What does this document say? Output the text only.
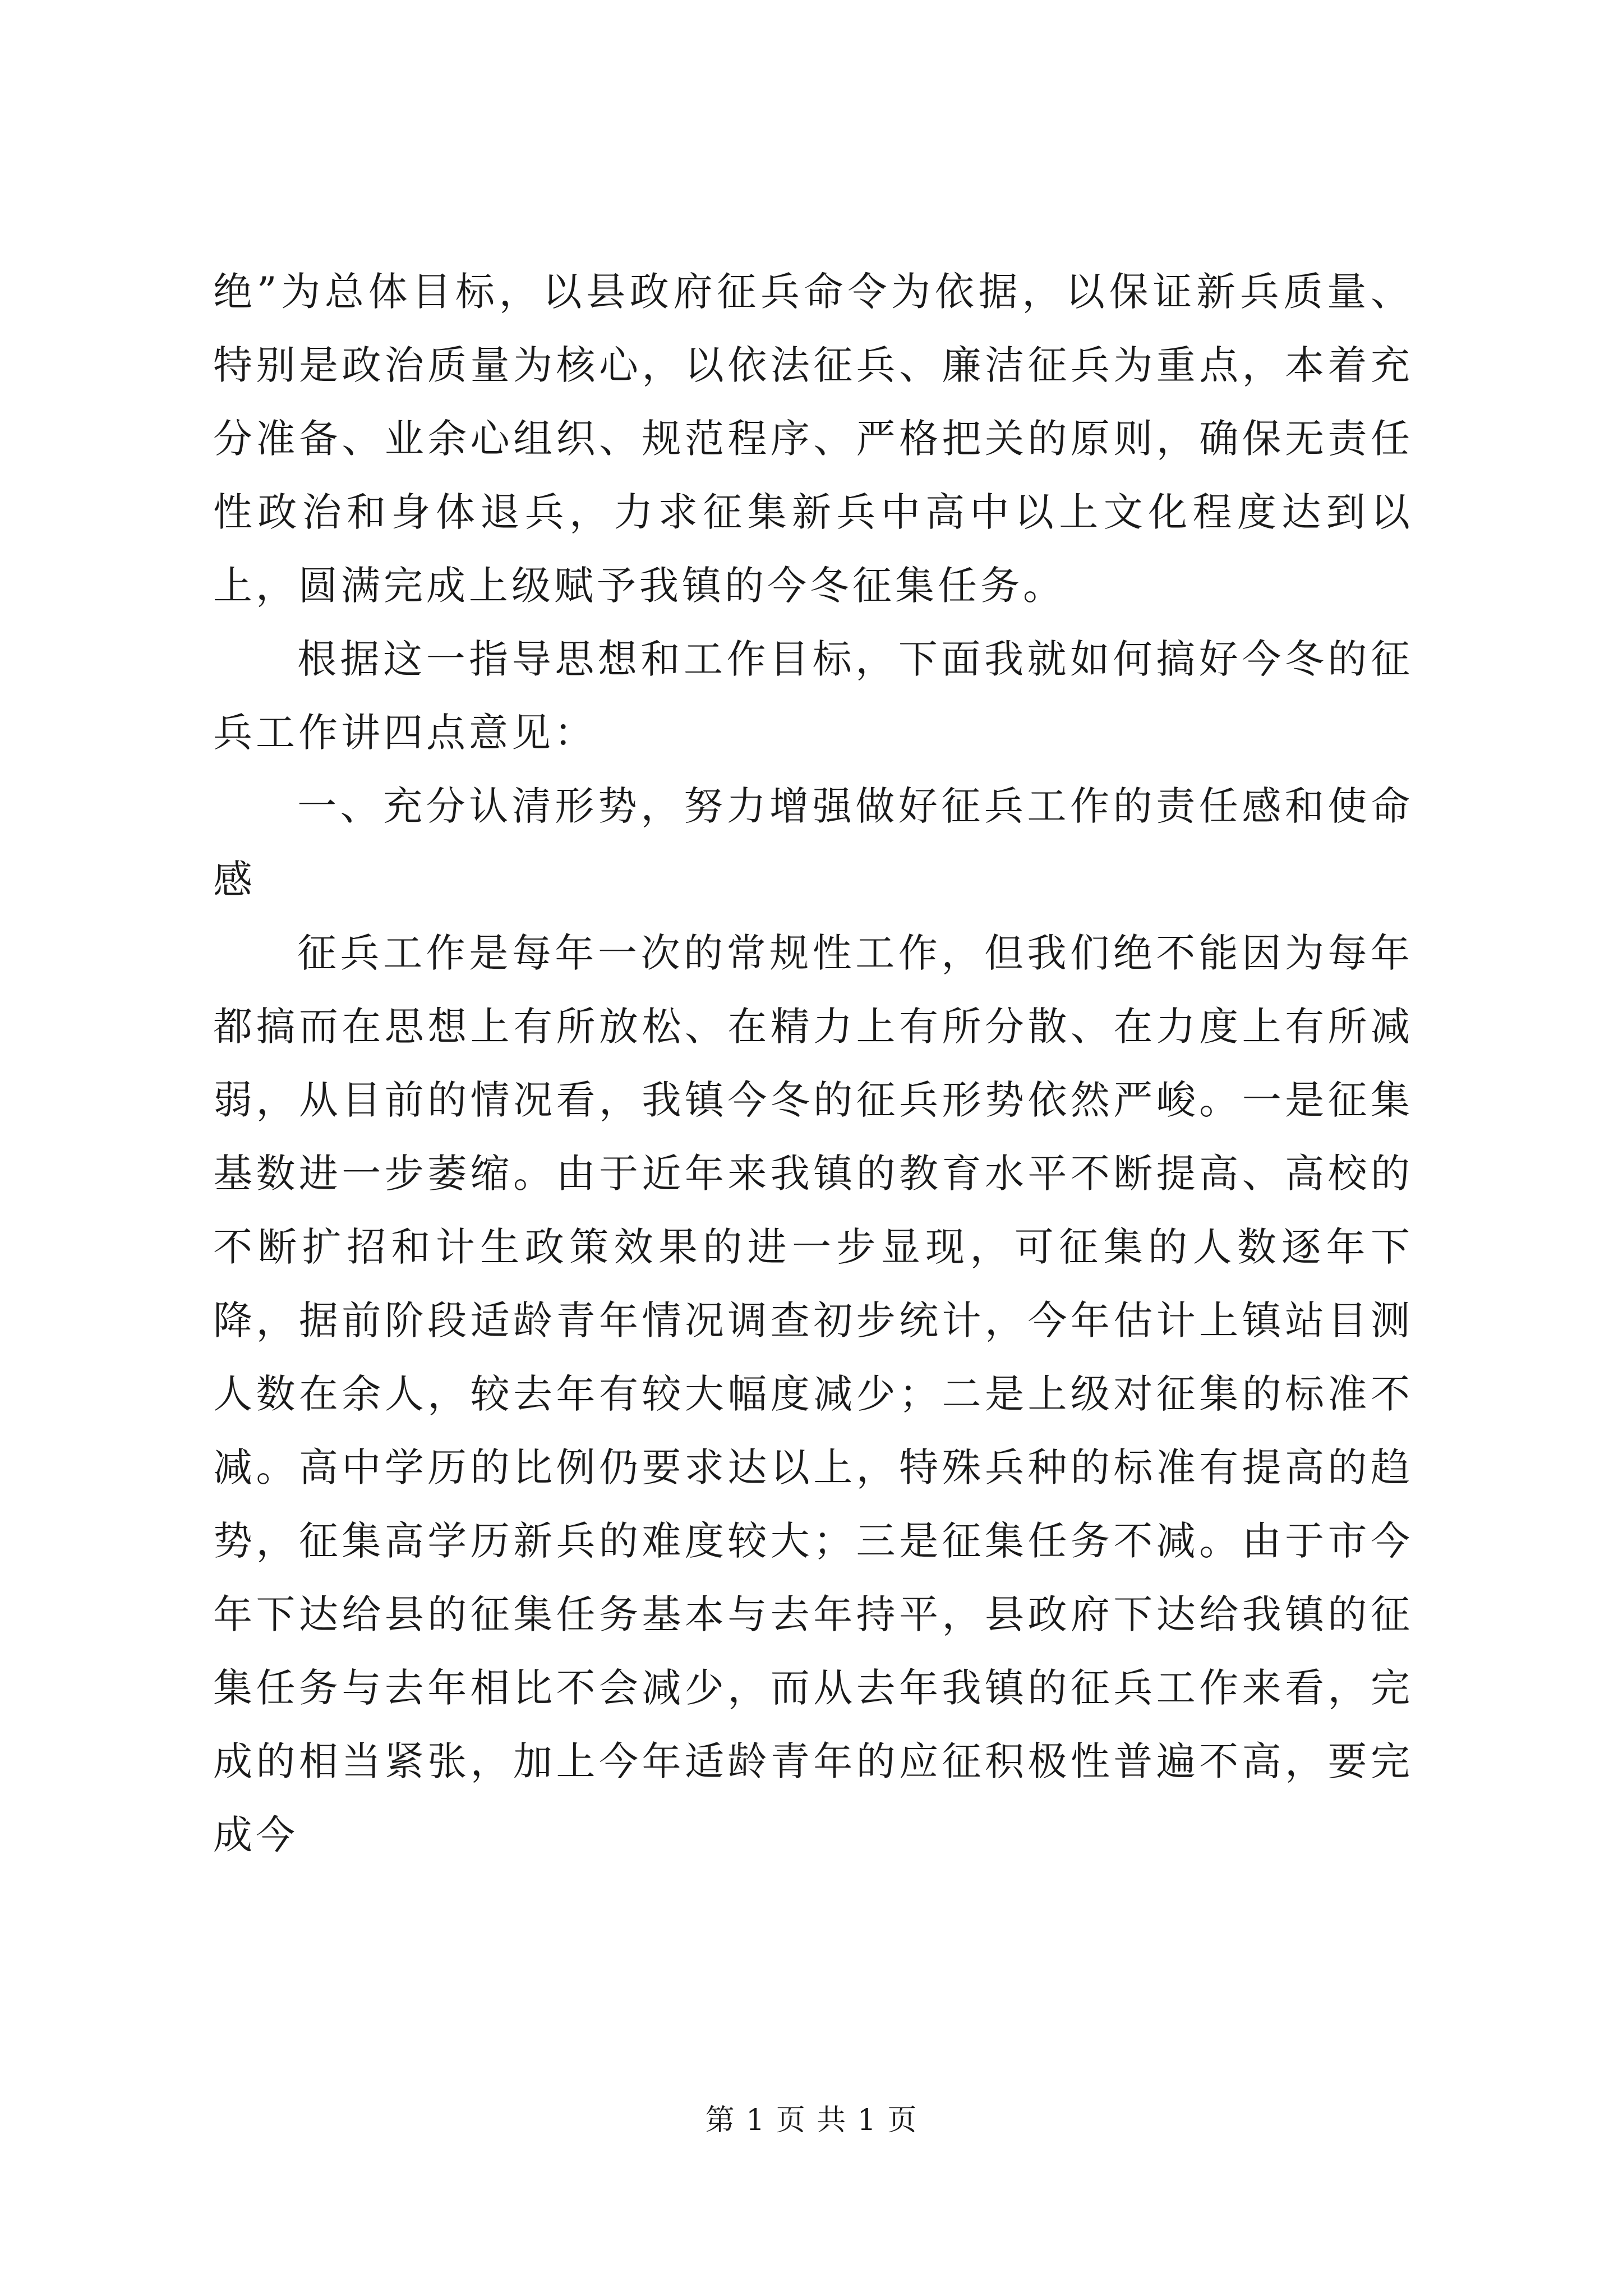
绝”为总体目标，以县政府征兵命令为依据，以保证新兵质量、特别是政治质量为核心，以依法征兵、廉洁征兵为重点，本着充分准备、业余心组织、规范程序、严格把关的原则，确保无责任性政治和身体退兵，力求征集新兵中高中以上文化程度达到以上，圆满完成上级赋予我镇的今冬征集任务。

根据这一指导思想和工作目标，下面我就如何搞好今冬的征兵工作讲四点意见：

一、充分认清形势，努力增强做好征兵工作的责任感和使命感

征兵工作是每年一次的常规性工作，但我们绝不能因为每年都搞而在思想上有所放松、在精力上有所分散、在力度上有所减弱，从目前的情况看，我镇今冬的征兵形势依然严峻。一是征集基数进一步萎缩。由于近年来我镇的教育水平不断提高、高校的不断扩招和计生政策效果的进一步显现，可征集的人数逐年下降，据前阶段适龄青年情况调查初步统计，今年估计上镇站目测人数在余人，较去年有较大幅度减少；二是上级对征集的标准不减。高中学历的比例仍要求达以上，特殊兵种的标准有提高的趋势，征集高学历新兵的难度较大；三是征集任务不减。由于市今年下达给县的征集任务基本与去年持平，县政府下达给我镇的征集任务与去年相比不会减少，而从去年我镇的征兵工作来看，完成的相当紧张，加上今年适龄青年的应征积极性普遍不高，要完成今

第 1 页 共 1 页
